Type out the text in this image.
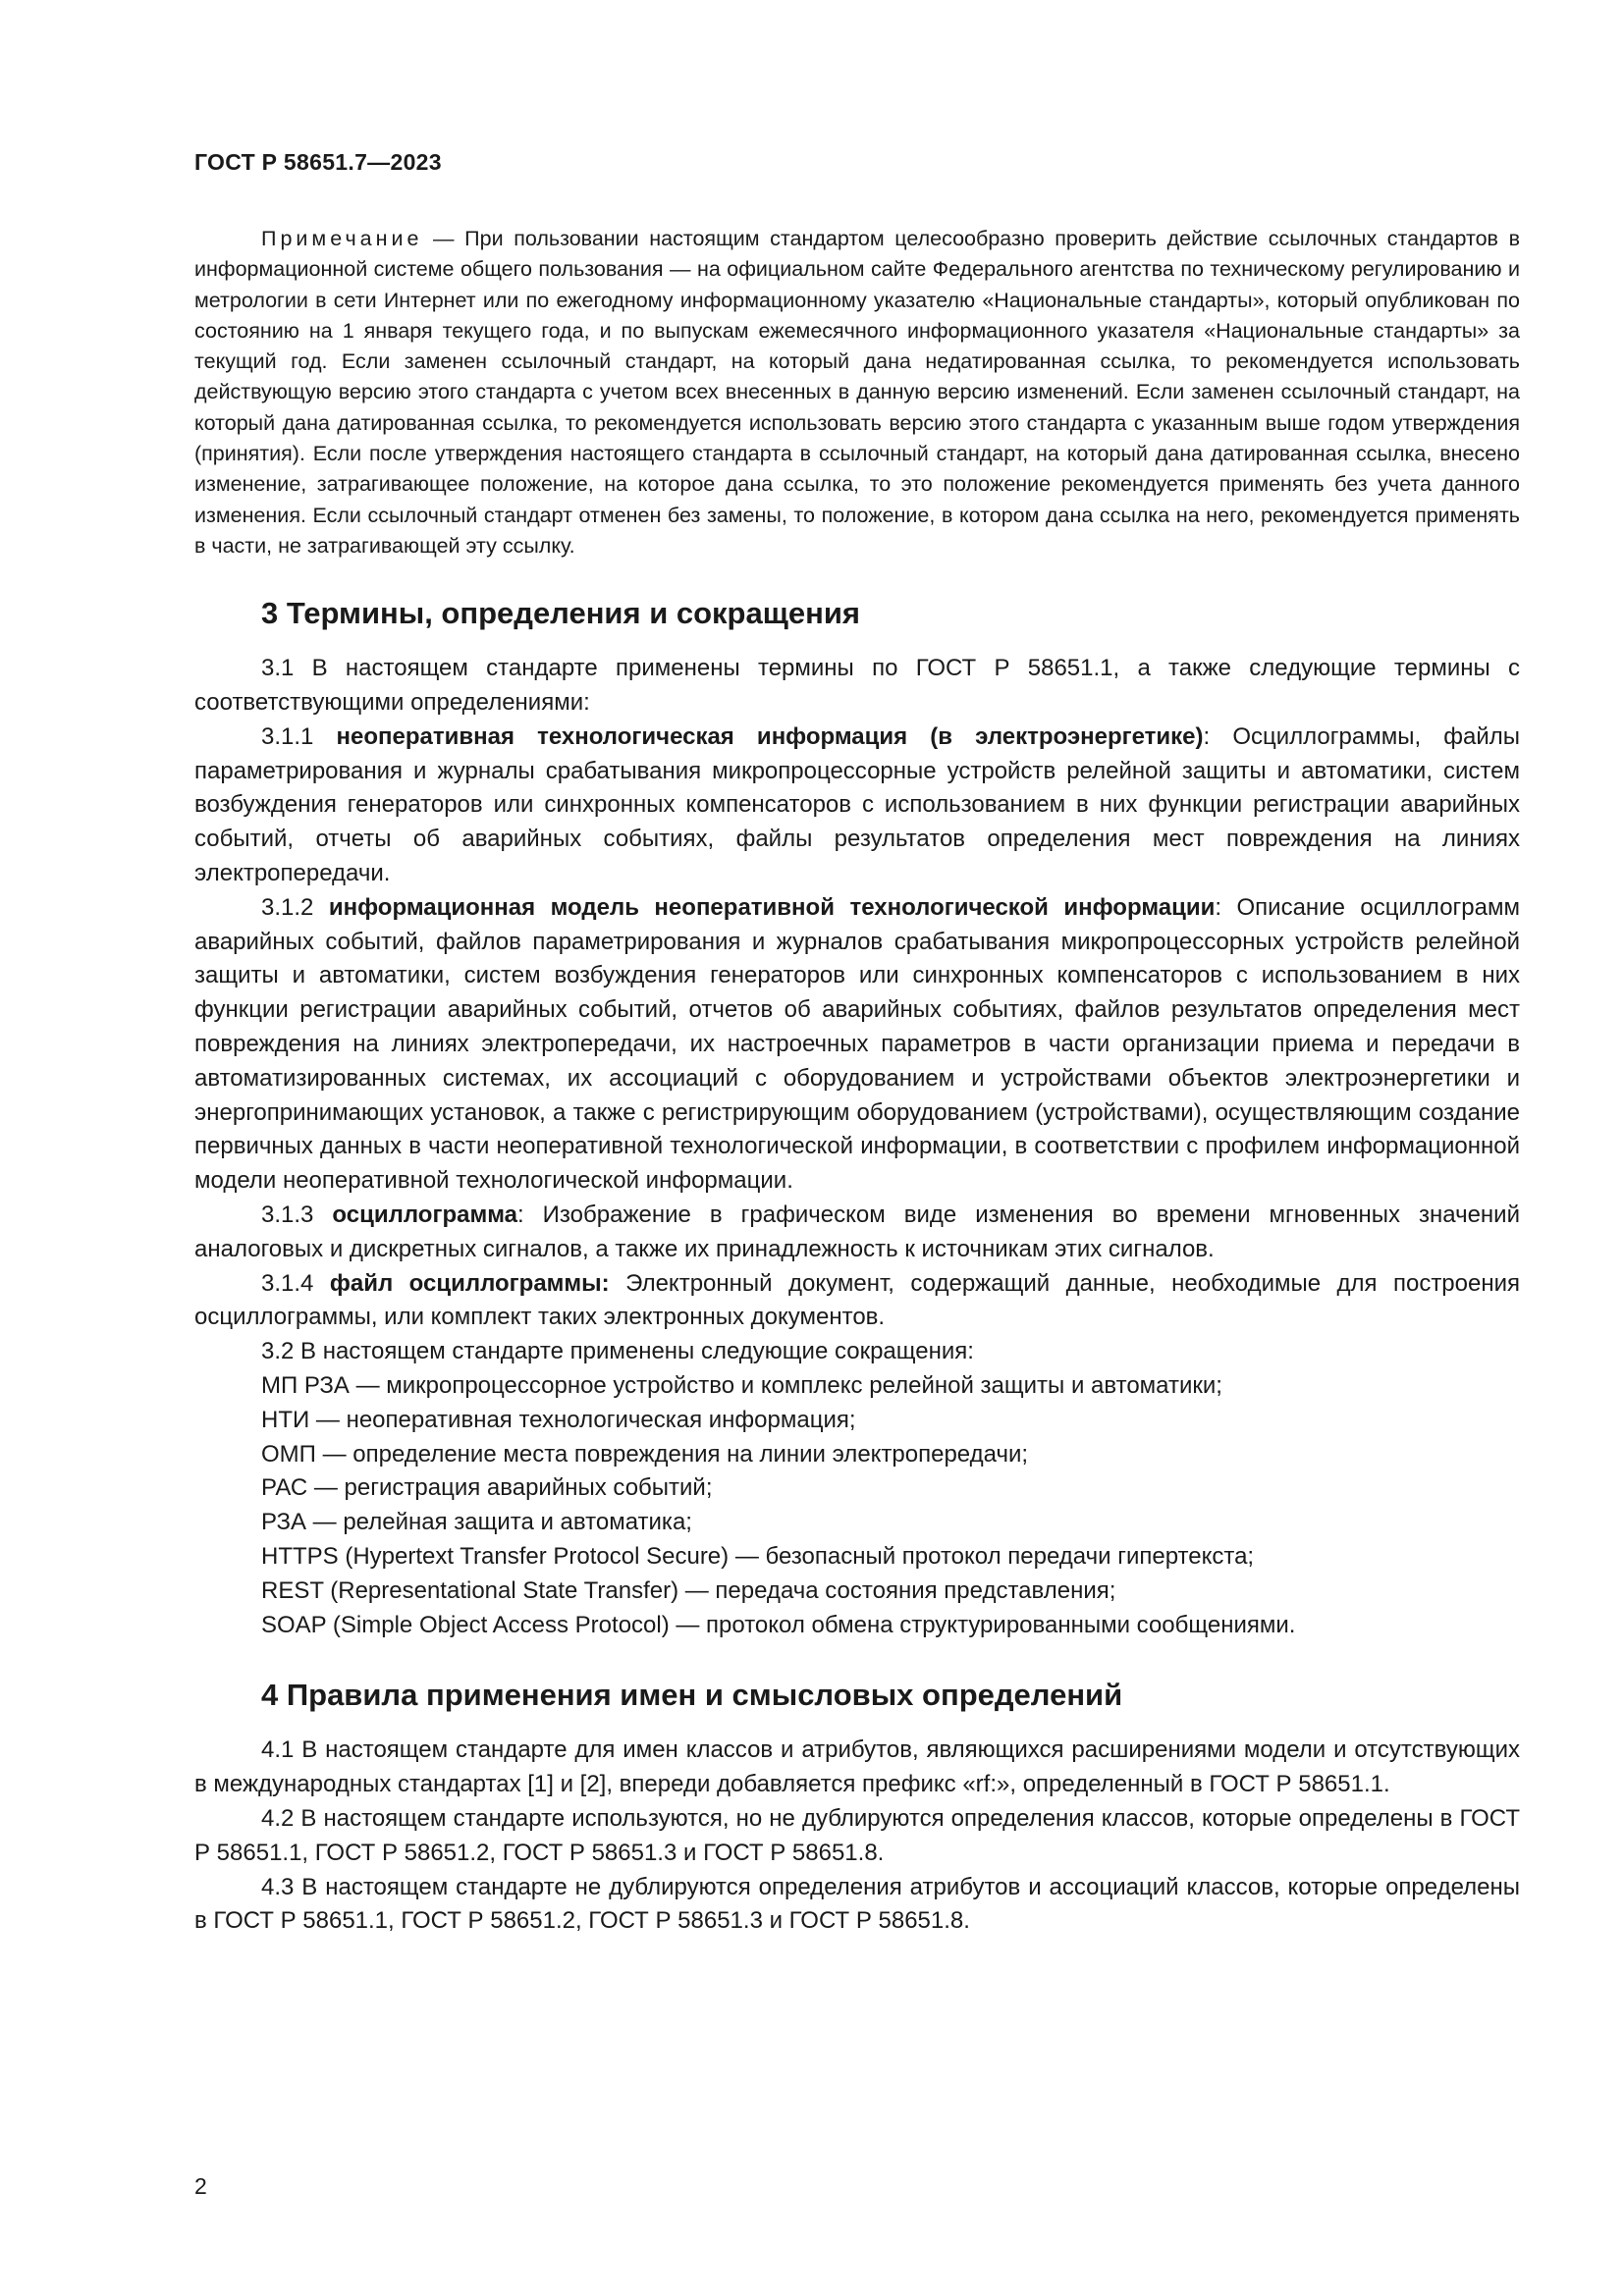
ГОСТ Р 58651.7—2023

Примечание — При пользовании настоящим стандартом целесообразно проверить действие ссылочных стандартов в информационной системе общего пользования — на официальном сайте Федерального агентства по техническому регулированию и метрологии в сети Интернет или по ежегодному информационному указателю «Национальные стандарты», который опубликован по состоянию на 1 января текущего года, и по выпускам ежемесячного информационного указателя «Национальные стандарты» за текущий год. Если заменен ссылочный стандарт, на который дана недатированная ссылка, то рекомендуется использовать действующую версию этого стандарта с учетом всех внесенных в данную версию изменений. Если заменен ссылочный стандарт, на который дана датированная ссылка, то рекомендуется использовать версию этого стандарта с указанным выше годом утверждения (принятия). Если после утверждения настоящего стандарта в ссылочный стандарт, на который дана датированная ссылка, внесено изменение, затрагивающее положение, на которое дана ссылка, то это положение рекомендуется применять без учета данного изменения. Если ссылочный стандарт отменен без замены, то положение, в котором дана ссылка на него, рекомендуется применять в части, не затрагивающей эту ссылку.

3 Термины, определения и сокращения

3.1 В настоящем стандарте применены термины по ГОСТ Р 58651.1, а также следующие термины с соответствующими определениями:

3.1.1 неоперативная технологическая информация (в электроэнергетике): Осциллограммы, файлы параметрирования и журналы срабатывания микропроцессорные устройств релейной защиты и автоматики, систем возбуждения генераторов или синхронных компенсаторов с использованием в них функции регистрации аварийных событий, отчеты об аварийных событиях, файлы результатов определения мест повреждения на линиях электропередачи.

3.1.2 информационная модель неоперативной технологической информации: Описание осциллограмм аварийных событий, файлов параметрирования и журналов срабатывания микропроцессорных устройств релейной защиты и автоматики, систем возбуждения генераторов или синхронных компенсаторов с использованием в них функции регистрации аварийных событий, отчетов об аварийных событиях, файлов результатов определения мест повреждения на линиях электропередачи, их настроечных параметров в части организации приема и передачи в автоматизированных системах, их ассоциаций с оборудованием и устройствами объектов электроэнергетики и энергопринимающих установок, а также с регистрирующим оборудованием (устройствами), осуществляющим создание первичных данных в части неоперативной технологической информации, в соответствии с профилем информационной модели неоперативной технологической информации.

3.1.3 осциллограмма: Изображение в графическом виде изменения во времени мгновенных значений аналоговых и дискретных сигналов, а также их принадлежность к источникам этих сигналов.

3.1.4 файл осциллограммы: Электронный документ, содержащий данные, необходимые для построения осциллограммы, или комплект таких электронных документов.

3.2 В настоящем стандарте применены следующие сокращения:

МП РЗА — микропроцессорное устройство и комплекс релейной защиты и автоматики;

НТИ — неоперативная технологическая информация;

ОМП — определение места повреждения на линии электропередачи;

РАС — регистрация аварийных событий;

РЗА — релейная защита и автоматика;

HTTPS (Hypertext Transfer Protocol Secure) — безопасный протокол передачи гипертекста;

REST (Representational State Transfer) — передача состояния представления;

SOAP (Simple Object Access Protocol) — протокол обмена структурированными сообщениями.

4 Правила применения имен и смысловых определений

4.1 В настоящем стандарте для имен классов и атрибутов, являющихся расширениями модели и отсутствующих в международных стандартах [1] и [2], впереди добавляется префикс «rf:», определенный в ГОСТ Р 58651.1.

4.2 В настоящем стандарте используются, но не дублируются определения классов, которые определены в ГОСТ Р 58651.1, ГОСТ Р 58651.2, ГОСТ Р 58651.3 и ГОСТ Р 58651.8.

4.3 В настоящем стандарте не дублируются определения атрибутов и ассоциаций классов, которые определены в ГОСТ Р 58651.1, ГОСТ Р 58651.2, ГОСТ Р 58651.3 и ГОСТ Р 58651.8.

2
